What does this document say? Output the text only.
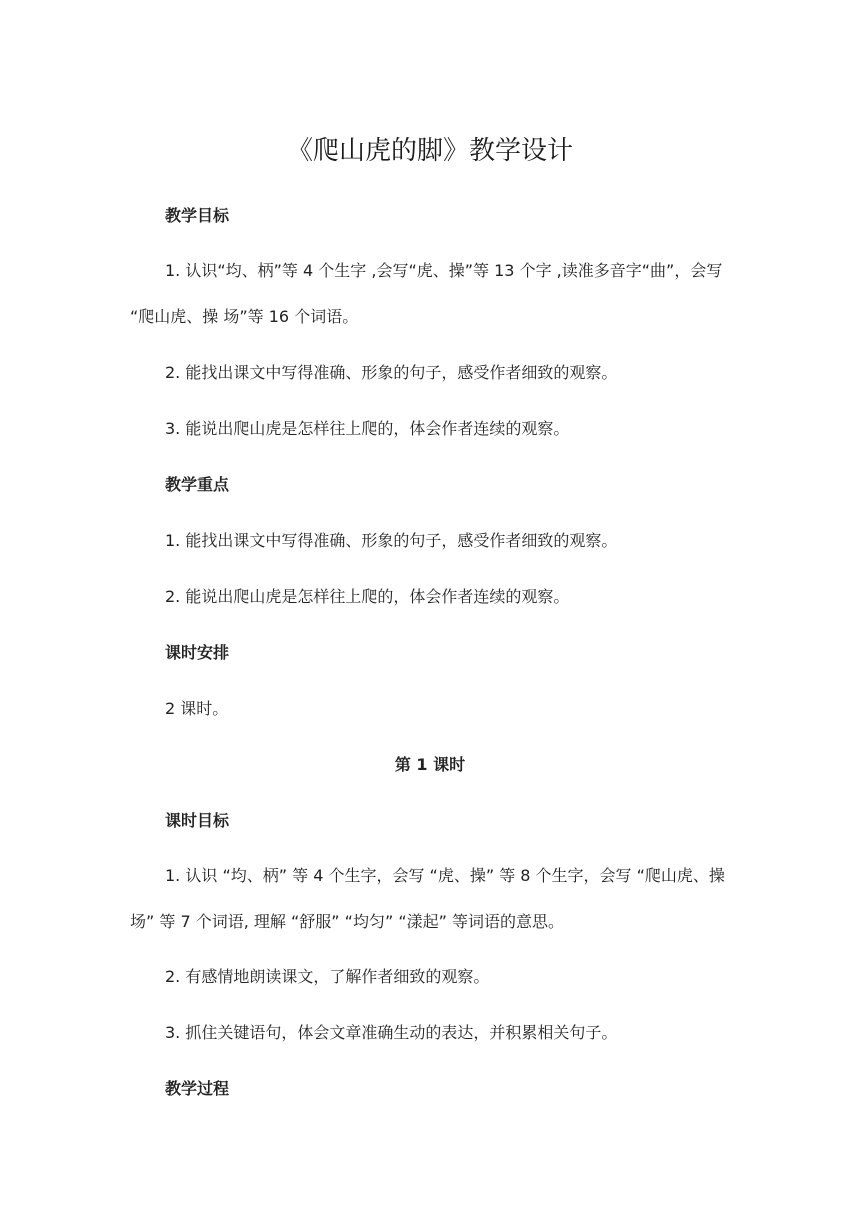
《爬山虎的脚》教学设计
教学目标
1. 认识“均、柄”等 4 个生字 ,会写“虎、操”等 13 个字 ,读准多音字“曲”，会写 “爬山虎、操 场”等 16 个词语。
2. 能找出课文中写得准确、形象的句子，感受作者细致的观察。
3. 能说出爬山虎是怎样往上爬的，体会作者连续的观察。
教学重点
1. 能找出课文中写得准确、形象的句子，感受作者细致的观察。
2. 能说出爬山虎是怎样往上爬的，体会作者连续的观察。
课时安排
2 课时。
第 1 课时
课时目标
1. 认识 “均、柄” 等 4 个生字，会写 “虎、操” 等 8 个生字，会写 “爬山虎、操场” 等 7 个词语, 理解 “舒服” “均匀” “漾起” 等词语的意思。
2. 有感情地朗读课文，了解作者细致的观察。
3. 抓住关键语句，体会文章准确生动的表达，并积累相关句子。
教学过程
